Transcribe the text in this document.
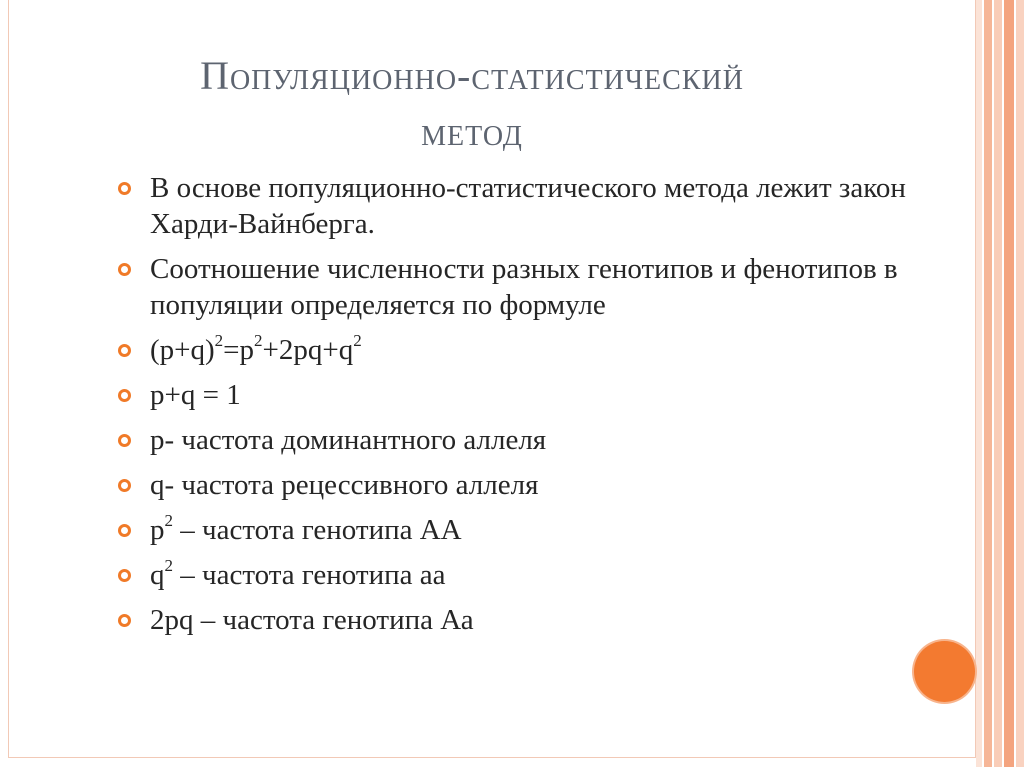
Популяционно-статистический
метод
В основе популяционно-статистического метода лежит закон Харди-Вайнберга.
Соотношение численности разных генотипов и фенотипов в популяции определяется по формуле
$(p+q)^2=p^2+2pq+q^2$
p+q = 1
p- частота доминантного аллеля
q- частота рецессивного аллеля
$p^2$ – частота генотипа АА
$q^2$ – частота генотипа аа
2pq – частота генотипа Аа
